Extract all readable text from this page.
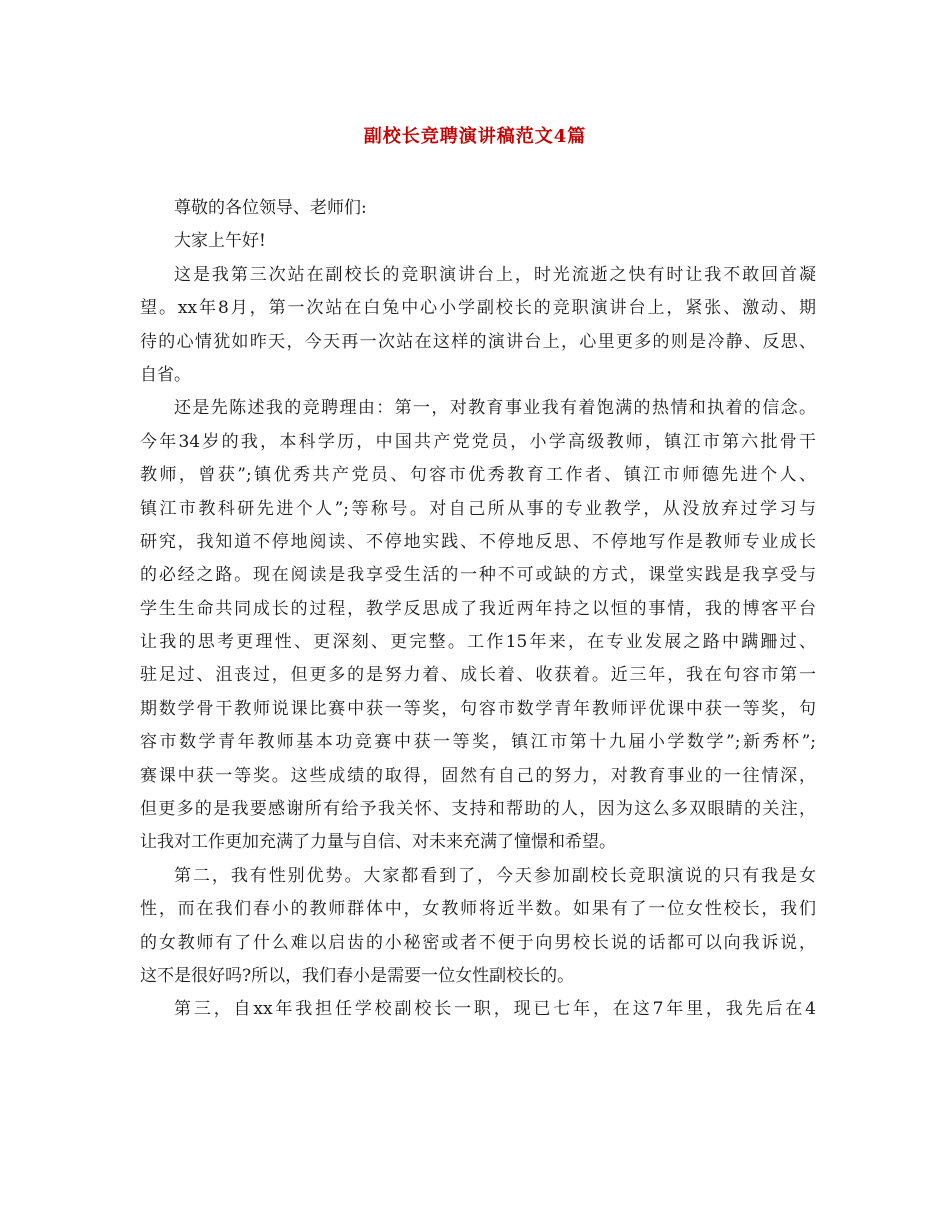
副校长竞聘演讲稿范文4篇
尊敬的各位领导、老师们:
大家上午好!
这是我第三次站在副校长的竞职演讲台上，时光流逝之快有时让我不敢回首凝
望。xx年8月，第一次站在白兔中心小学副校长的竞职演讲台上，紧张、激动、期
待的心情犹如昨天，今天再一次站在这样的演讲台上，心里更多的则是冷静、反思、
自省。
还是先陈述我的竞聘理由：第一，对教育事业我有着饱满的热情和执着的信念。
今年34岁的我，本科学历，中国共产党党员，小学高级教师，镇江市第六批骨干
教师，曾获”;镇优秀共产党员、句容市优秀教育工作者、镇江市师德先进个人、
镇江市教科研先进个人”;等称号。对自己所从事的专业教学，从没放弃过学习与
研究，我知道不停地阅读、不停地实践、不停地反思、不停地写作是教师专业成长
的必经之路。现在阅读是我享受生活的一种不可或缺的方式，课堂实践是我享受与
学生生命共同成长的过程，教学反思成了我近两年持之以恒的事情，我的博客平台
让我的思考更理性、更深刻、更完整。工作15年来，在专业发展之路中蹒跚过、
驻足过、沮丧过，但更多的是努力着、成长着、收获着。近三年，我在句容市第一
期数学骨干教师说课比赛中获一等奖，句容市数学青年教师评优课中获一等奖，句
容市数学青年教师基本功竞赛中获一等奖，镇江市第十九届小学数学”;新秀杯”;
赛课中获一等奖。这些成绩的取得，固然有自己的努力，对教育事业的一往情深，
但更多的是我要感谢所有给予我关怀、支持和帮助的人，因为这么多双眼睛的关注，
让我对工作更加充满了力量与自信、对未来充满了憧憬和希望。
第二，我有性别优势。大家都看到了，今天参加副校长竞职演说的只有我是女
性，而在我们春小的教师群体中，女教师将近半数。如果有了一位女性校长，我们
的女教师有了什么难以启齿的小秘密或者不便于向男校长说的话都可以向我诉说，
这不是很好吗?所以，我们春小是需要一位女性副校长的。
第三，自xx年我担任学校副校长一职，现已七年，在这7年里，我先后在4
